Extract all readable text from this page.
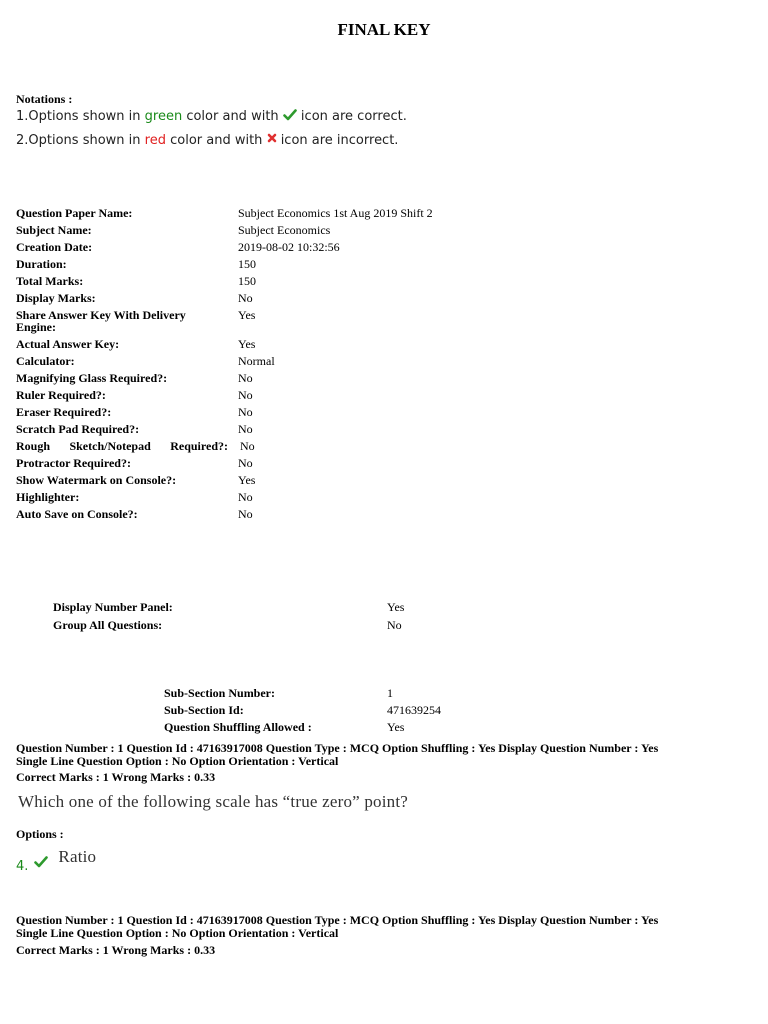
FINAL KEY
Notations :
1.Options shown in green color and with  icon are correct.
2.Options shown in red color and with  icon are incorrect.
Question Paper Name:	Subject Economics 1st Aug 2019 Shift 2
Subject Name:	Subject Economics
Creation Date:	2019-08-02 10:32:56
Duration:	150
Total Marks:	150
Display Marks:	No
Share Answer Key With Delivery Engine:
Yes
Actual Answer Key:	Yes
Calculator:	Normal
Magnifying Glass Required?:	No
Ruler Required?:	No
Eraser Required?:	No
Scratch Pad Required?:	No
Rough Sketch/Notepad Required?: No
Protractor Required?:	No
Show Watermark on Console?:	Yes
Highlighter:	No
Auto Save on Console?:	No
Display Number Panel:	Yes
Group All Questions:	No
Sub-Section Number:	1
Sub-Section Id:	471639254
Question Shuffling Allowed :	Yes
Question Number : 1 Question Id : 47163917008 Question Type : MCQ Option Shuffling : Yes Display Question Number : Yes
Single Line Question Option : No Option Orientation : Vertical
Correct Marks : 1 Wrong Marks : 0.33
Which one of the following scale has “true zero” point?
Options :
$_{4.}$  Ratio
Question Number : 1 Question Id : 47163917008 Question Type : MCQ Option Shuffling : Yes Display Question Number : Yes
Single Line Question Option : No Option Orientation : Vertical
Correct Marks : 1 Wrong Marks : 0.33
